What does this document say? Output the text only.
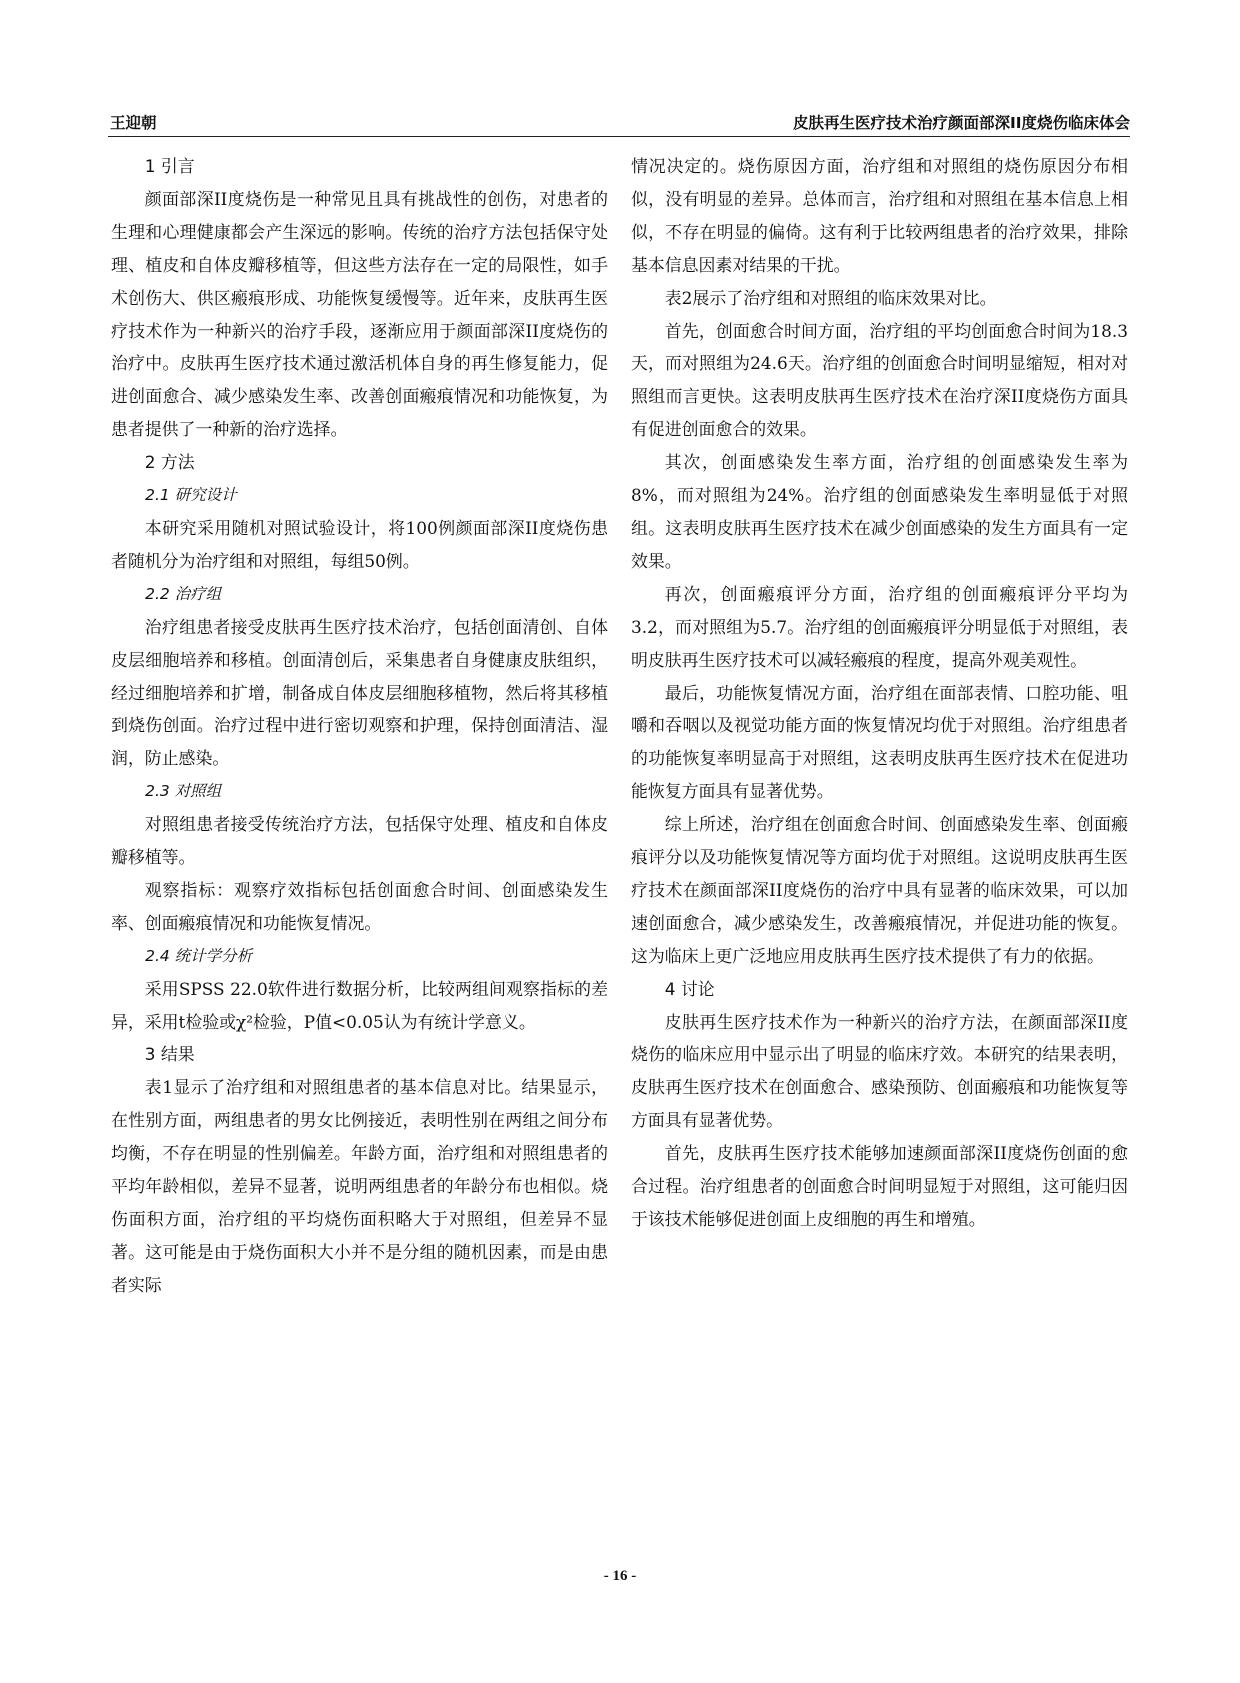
王迎朝	皮肤再生医疗技术治疗颜面部深II度烧伤临床体会
1 引言

颜面部深II度烧伤是一种常见且具有挑战性的创伤，对患者的生理和心理健康都会产生深远的影响。传统的治疗方法包括保守处理、植皮和自体皮瓣移植等，但这些方法存在一定的局限性，如手术创伤大、供区瘢痕形成、功能恢复缓慢等。近年来，皮肤再生医疗技术作为一种新兴的治疗手段，逐渐应用于颜面部深II度烧伤的治疗中。皮肤再生医疗技术通过激活机体自身的再生修复能力，促进创面愈合、减少感染发生率、改善创面瘢痕情况和功能恢复，为患者提供了一种新的治疗选择。

2 方法
2.1 研究设计

本研究采用随机对照试验设计，将100例颜面部深II度烧伤患者随机分为治疗组和对照组，每组50例。

2.2 治疗组

治疗组患者接受皮肤再生医疗技术治疗，包括创面清创、自体皮层细胞培养和移植。创面清创后，采集患者自身健康皮肤组织，经过细胞培养和扩增，制备成自体皮层细胞移植物，然后将其移植到烧伤创面。治疗过程中进行密切观察和护理，保持创面清洁、湿润，防止感染。

2.3 对照组

对照组患者接受传统治疗方法，包括保守处理、植皮和自体皮瓣移植等。

观察指标：观察疗效指标包括创面愈合时间、创面感染发生率、创面瘢痕情况和功能恢复情况。

2.4 统计学分析

采用SPSS 22.0软件进行数据分析，比较两组间观察指标的差异，采用t检验或χ²检验，P值<0.05认为有统计学意义。

3 结果

表1显示了治疗组和对照组患者的基本信息对比。结果显示，在性别方面，两组患者的男女比例接近，表明性别在两组之间分布均衡，不存在明显的性别偏差。年龄方面，治疗组和对照组患者的平均年龄相似，差异不显著，说明两组患者的年龄分布也相似。烧伤面积方面，治疗组的平均烧伤面积略大于对照组，但差异不显著。这可能是由于烧伤面积大小并不是分组的随机因素，而是由患者实际

情况决定的。烧伤原因方面，治疗组和对照组的烧伤原因分布相似，没有明显的差异。总体而言，治疗组和对照组在基本信息上相似，不存在明显的偏倚。这有利于比较两组患者的治疗效果，排除基本信息因素对结果的干扰。

表2展示了治疗组和对照组的临床效果对比。

首先，创面愈合时间方面，治疗组的平均创面愈合时间为18.3天，而对照组为24.6天。治疗组的创面愈合时间明显缩短，相对对照组而言更快。这表明皮肤再生医疗技术在治疗深II度烧伤方面具有促进创面愈合的效果。

其次，创面感染发生率方面，治疗组的创面感染发生率为8%，而对照组为24%。治疗组的创面感染发生率明显低于对照组。这表明皮肤再生医疗技术在减少创面感染的发生方面具有一定效果。

再次，创面瘢痕评分方面，治疗组的创面瘢痕评分平均为3.2，而对照组为5.7。治疗组的创面瘢痕评分明显低于对照组，表明皮肤再生医疗技术可以减轻瘢痕的程度，提高外观美观性。

最后，功能恢复情况方面，治疗组在面部表情、口腔功能、咀嚼和吞咽以及视觉功能方面的恢复情况均优于对照组。治疗组患者的功能恢复率明显高于对照组，这表明皮肤再生医疗技术在促进功能恢复方面具有显著优势。

综上所述，治疗组在创面愈合时间、创面感染发生率、创面瘢痕评分以及功能恢复情况等方面均优于对照组。这说明皮肤再生医疗技术在颜面部深II度烧伤的治疗中具有显著的临床效果，可以加速创面愈合，减少感染发生，改善瘢痕情况，并促进功能的恢复。这为临床上更广泛地应用皮肤再生医疗技术提供了有力的依据。

4 讨论

皮肤再生医疗技术作为一种新兴的治疗方法，在颜面部深II度烧伤的临床应用中显示出了明显的临床疗效。本研究的结果表明，皮肤再生医疗技术在创面愈合、感染预防、创面瘢痕和功能恢复等方面具有显著优势。

首先，皮肤再生医疗技术能够加速颜面部深II度烧伤创面的愈合过程。治疗组患者的创面愈合时间明显短于对照组，这可能归因于该技术能够促进创面上皮细胞的再生和增殖。

- 16 -
